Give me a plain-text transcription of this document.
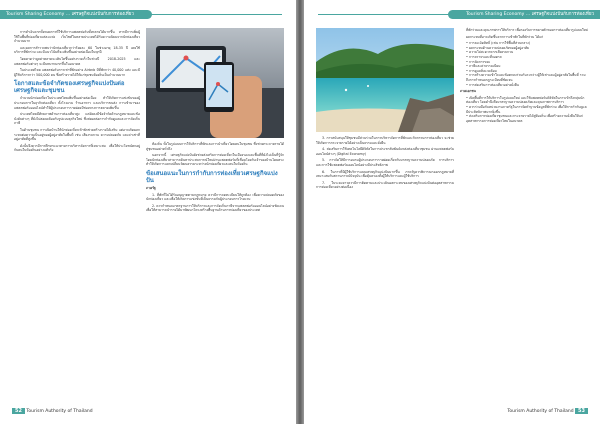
Tourism Sharing Economy … เศรษฐกิจแบ่งปันกับการท่องเที่ยว

การทำเงินจากทั้งหมดการที่ใช้บริการแพลตฟอร์มทั้งหลายได้มากขึ้น หากมีการเพิ่มผู้ใช้ในพื้นที่ท่องเที่ยวแต่ละแห่ง เว็บไซต์ในหลายประเทศได้รับความนิยมจากนักท่องเที่ยวจำนวนมาก

และผลการสำรวจพบว่านักท่องเที่ยวกว่าร้อยละ 60 ในช่วงอายุ 18-35 ปี เคยใช้บริการที่พักร่วม และมีแนวโน้มที่จะเพิ่มขึ้นอย่างต่อเนื่องในทุกปี

โดยคาดว่ามูลค่าตลาดจะเติบโตขึ้นอย่างรวดเร็วในช่วงปี 2018-2025 และแพลตฟอร์มต่างๆ จะมีบทบาทมากขึ้นในอนาคต

ในประเทศไทย แพลตฟอร์มการเช่าที่พักอย่าง Airbnb มีที่พักกว่า 40,000 แห่ง และมีผู้ใช้บริการกว่า 500,000 คน ซึ่งสร้างรายได้ให้แก่ชุมชนท้องถิ่นเป็นจำนวนมาก

โอกาสและข้อจำกัดของเศรษฐกิจแบ่งปันต่อเศรษฐกิจและชุมชน

จำนวนนักท่องเที่ยวในประเทศไทยเพิ่มขึ้นอย่างต่อเนื่อง ทำให้เกิดการแข่งขันของผู้ประกอบการในธุรกิจท่องเที่ยว ทั้งโรงแรม ร้านอาหาร และบริการขนส่ง การเข้ามาของแพลตฟอร์มออนไลน์ทำให้ผู้ประกอบการรายย่อยมีช่องทางการตลาดเพิ่มขึ้น

ประเทศไทยมีศักยภาพด้านการท่องเที่ยวสูง แต่ยังคงมีข้อจำกัดด้านกฎหมายและข้อบังคับต่างๆ ที่ยังไม่สอดคล้องกับรูปแบบธุรกิจใหม่ ซึ่งส่งผลต่อการกำกับดูแลและการจัดเก็บภาษี

ในด้านชุมชน การเปิดบ้านให้นักท่องเที่ยวเข้าพักช่วยสร้างรายได้เสริม แต่อาจเกิดผลกระทบต่อความเป็นอยู่ของผู้อยู่อาศัยในพื้นที่ เช่น เสียงรบกวน ความปลอดภัย และค่าเช่าที่อยู่อาศัยที่สูงขึ้น

ดังนั้นจึงควรมีการศึกษาแนวทางการบริหารจัดการที่เหมาะสม เพื่อให้ประโยชน์ตกอยู่กับคนในท้องถิ่นอย่างแท้จริง

ท้องถิ่น ทั้งในรูปแบบการให้บริการที่พักและการนำเที่ยวโดยคนในชุมชน ซึ่งช่วยกระจายรายได้สู่ชุมชนอย่างทั่วถึง

นอกจากนี้ เศรษฐกิจแบ่งปันยังช่วยส่งเสริมการท่องเที่ยวในเมืองรองและพื้นที่ที่ยังไม่เป็นที่รู้จัก โดยนักท่องเที่ยวสามารถค้นหาประสบการณ์ใหม่ผ่านแพลตฟอร์มที่เชื่อมโยงกับเจ้าของบ้านโดยตรง ทำให้เกิดการแลกเปลี่ยนวัฒนธรรมระหว่างนักท่องเที่ยวและคนในท้องถิ่น

ข้อเสนอแนะในการกำกับการท่องเที่ยวเศรษฐกิจแบ่งปัน

ภาครัฐ

1. ที่พักที่ไม่ได้รับอนุญาตตามกฎหมาย ควรมีการจดทะเบียนให้ถูกต้อง เพื่อความปลอดภัยของนักท่องเที่ยว และเพื่อให้เกิดการแข่งขันที่เป็นธรรมกับผู้ประกอบการโรงแรม

2. ควรกำหนดมาตรฐานการให้บริการและการจัดเก็บภาษีจากแพลตฟอร์มออนไลน์อย่างชัดเจน เพื่อให้สามารถนำรายได้มาพัฒนาโครงสร้างพื้นฐานด้านการท่องเที่ยวของประเทศ

52 Tourism Authority of Thailand
Tourism Sharing Economy … เศรษฐกิจแบ่งปันกับการท่องเที่ยว

3. การสนับสนุนให้ชุมชนมีส่วนร่วมในการบริหารจัดการที่พักและกิจกรรมการท่องเที่ยว จะช่วยให้เกิดการกระจายรายได้อย่างเป็นธรรมและยั่งยืน

4. ส่งเสริมการใช้เทคโนโลยีดิจิทัลในการประชาสัมพันธ์แหล่งท่องเที่ยวชุมชน ผ่านแพลตฟอร์มออนไลน์ต่างๆ (Digital Economy)

5. การจัดให้มีการอบรมผู้ประกอบการรายย่อยเกี่ยวกับมาตรฐานความปลอดภัย การบริการ และการใช้แพลตฟอร์มออนไลน์อย่างมีประสิทธิภาพ

6. ในการที่มีผู้ใช้บริการแบบเศรษฐกิจแบ่งปันมากขึ้น ภาครัฐควรพิจารณาออกกฎหมายที่เหมาะสมกับสถานการณ์ปัจจุบัน เพื่อคุ้มครองทั้งผู้ให้บริการและผู้ใช้บริการ

7. ในระยะยาวควรมีการติดตามและประเมินผลกระทบของเศรษฐกิจแบ่งปันต่ออุตสาหกรรมการท่องเที่ยวอย่างต่อเนื่อง

ที่พักร่วมและคุณภาพการให้บริการ เพื่อรองรับการขยายตัวของการท่องเที่ยวรูปแบบใหม่

ผลกระทบที่อาจเกิดขึ้นจากการเข้าพักในที่พักร่วม ได้แก่

• การละเมิดสิทธิ์ (เช่น การใช้พื้นที่ส่วนกลาง)
• ผลกระทบด้านความปลอดภัยของผู้อยู่อาศัย
• ความไม่สะดวกจากเสียงรบกวน
• การจราจรและที่จอดรถ
• การจัดการขยะ
• ภาษีและค่าธรรมเนียม
• การดูแลสิ่งแวดล้อม
• การสร้างความเข้าใจและข้อตกลงร่วมกันระหว่างผู้ให้เช่าและผู้อยู่อาศัยในพื้นที่ รวมถึงการกำหนดกฎระเบียบที่ชัดเจน
• การส่งเสริมการท่องเที่ยวอย่างยั่งยืน

ภาคเอกชน

• เปิดพื้นที่การให้บริการในรูปแบบใหม่ และใช้แพลตฟอร์มดิจิทัลในการเข้าถึงกลุ่มนักท่องเที่ยว โดยคำนึงถึงมาตรฐานความปลอดภัยและคุณภาพการบริการ
• ควรร่วมมือกับหน่วยงานภาครัฐในการจัดทำฐานข้อมูลที่พักร่วม เพื่อให้การกำกับดูแลมีประสิทธิภาพมากยิ่งขึ้น
• ส่งเสริมการท่องเที่ยวชุมชนและกระจายรายได้สู่ท้องถิ่น เพื่อสร้างความยั่งยืนให้แก่อุตสาหกรรมการท่องเที่ยวไทยในอนาคต
Tourism Authority of Thailand 53
